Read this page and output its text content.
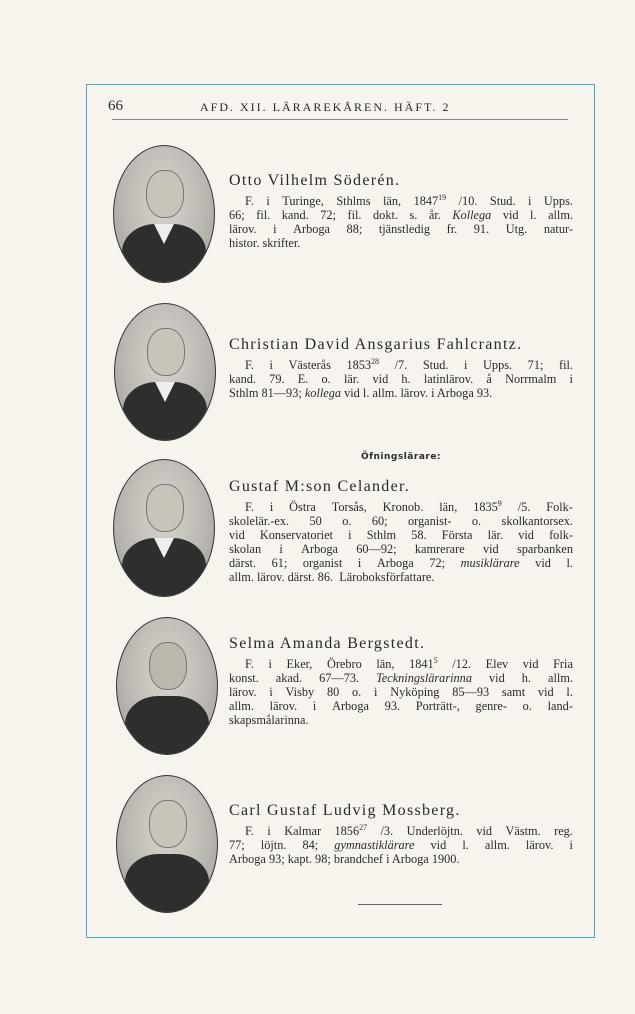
66	AFD. XII. LÄRAREKÅREN. HÄFT. 2
Otto Vilhelm Söderén.
F. i Turinge, Sthlms län, 1847$^{19}$ /10. Stud. i Upps.
66; fil. kand. 72; fil. dokt. s. år. Kollega vid l. allm.
lärov. i Arboga 88; tjänstledig fr. 91. Utg. natur-
histor. skrifter.
Christian David Ansgarius Fahlcrantz.
F. i Västerås 1853$^{28}$ /7. Stud. i Upps. 71; fil.
kand. 79. E. o. lär. vid h. latinlärov. å Norrmalm i
Sthlm 81—93; kollega vid l. allm. lärov. i Arboga 93.
Öfningslärare:
Gustaf M:son Celander.
F. i Östra Torsås, Kronob. län, 1835$^9$ /5. Folk-
skolelär.-ex. 50 o. 60; organist- o. skolkantorsex.
vid Konservatoriet i Sthlm 58. Första lär. vid folk-
skolan i Arboga 60—92; kamrerare vid sparbanken
därst. 61; organist i Arboga 72; musiklärare vid l.
allm. lärov. därst. 86.  Läroboksförfattare.
Selma Amanda Bergstedt.
F. i Eker, Örebro län, 1841$^5$ /12. Elev vid Fria
konst. akad. 67—73. Teckningslärarinna vid h. allm.
lärov. i Visby 80 o. i Nyköping 85—93 samt vid l.
allm. lärov. i Arboga 93. Porträtt-, genre- o. land-
skapsmålarinna.
Carl Gustaf Ludvig Mossberg.
F. i Kalmar 1856$^{27}$ /3. Underlöjtn. vid Västm. reg.
77; löjtn. 84; gymnastiklärare vid l. allm. lärov. i
Arboga 93; kapt. 98; brandchef i Arboga 1900.
